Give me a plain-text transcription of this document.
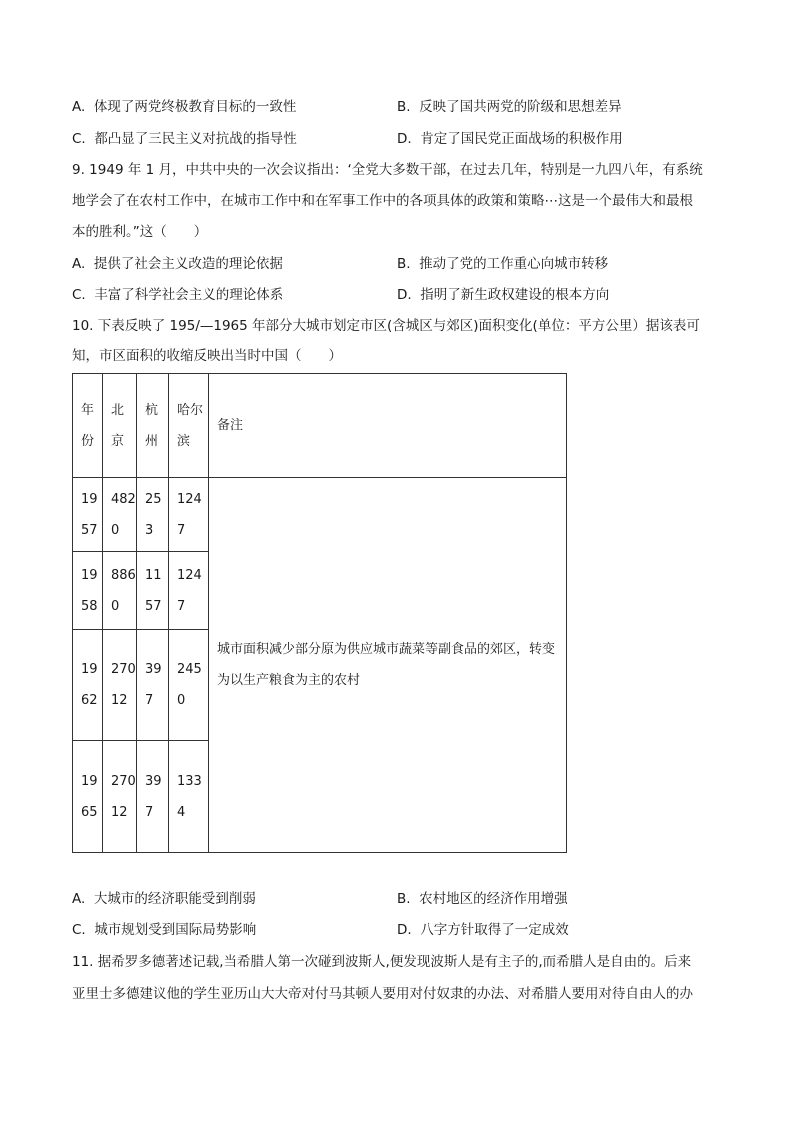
A. 体现了两党终极教育目标的一致性	B. 反映了国共两党的阶级和思想差异
C. 都凸显了三民主义对抗战的指导性	D. 肯定了国民党正面战场的积极作用
9. 1949 年 1 月，中共中央的一次会议指出：‘全党大多数干部，在过去几年，特别是一九四八年，有系统
地学会了在农村工作中，在城市工作中和在军事工作中的各项具体的政策和策略⋯这是一个最伟大和最根
本的胜利。”这（　　）
A. 提供了社会主义改造的理论依据	B. 推动了党的工作重心向城市转移
C. 丰富了科学社会主义的理论体系	D. 指明了新生政权建设的根本方向
10. 下表反映了 195/—1965 年部分大城市划定市区(含城区与郊区)面积变化(单位：平方公里）据该表可
知，市区面积的收缩反映出当时中国（　　）
年份	北京	杭州	哈尔滨	备注
1957	4820	253	1247	城市面积减少部分原为供应城市蔬菜等副食品的郊区，转变为以生产粮食为主的农村
1958	8860	1157	1247	
1962	27012	397	2450	
1965	27012	397	1334	
A. 大城市的经济职能受到削弱	B. 农村地区的经济作用增强
C. 城市规划受到国际局势影响	D. 八字方针取得了一定成效
11. 据希罗多德著述记载,当希腊人第一次碰到波斯人,便发现波斯人是有主子的,而希腊人是自由的。后来
亚里士多德建议他的学生亚历山大大帝对付马其顿人要用对付奴隶的办法、对希腊人要用对待自由人的办
